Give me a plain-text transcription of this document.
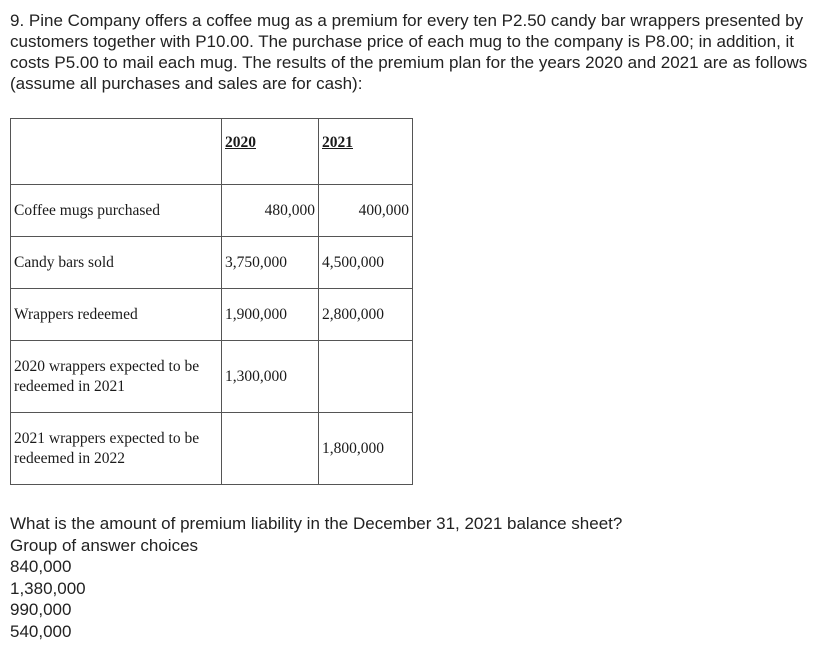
9. Pine Company offers a coffee mug as a premium for every ten P2.50 candy bar wrappers presented by customers together with P10.00. The purchase price of each mug to the company is P8.00; in addition, it costs P5.00 to mail each mug. The results of the premium plan for the years 2020 and 2021 are as follows (assume all purchases and sales are for cash):

	2020	2021
Coffee mugs purchased	480,000	400,000
Candy bars sold	3,750,000	4,500,000
Wrappers redeemed	1,900,000	2,800,000
2020 wrappers expected to be redeemed in 2021	1,300,000	
2021 wrappers expected to be redeemed in 2022		1,800,000
What is the amount of premium liability in the December 31, 2021 balance sheet?
Group of answer choices
840,000
1,380,000
990,000
540,000
